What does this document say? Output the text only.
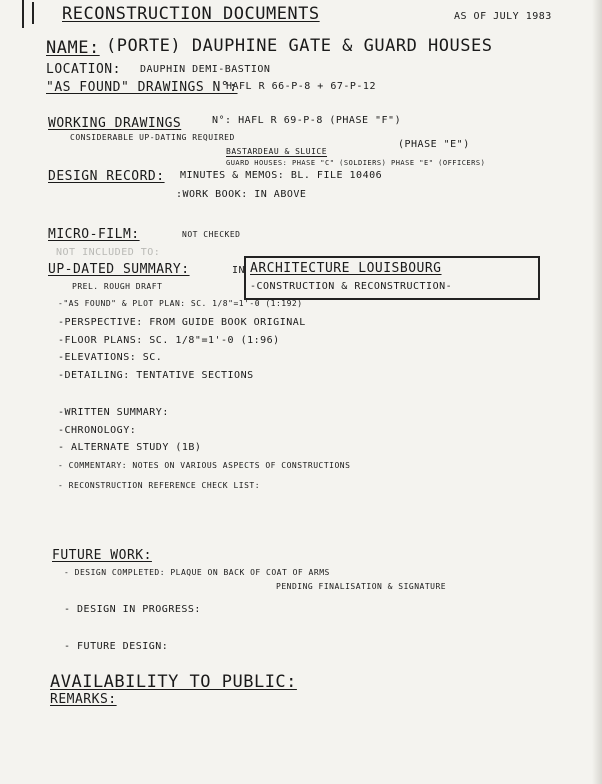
RECONSTRUCTION DOCUMENTS	AS OF JULY 1983
NAME: (PORTE) DAUPHINE GATE & GUARD HOUSES
LOCATION: DAUPHIN DEMI-BASTION
"AS FOUND" DRAWINGS N°:
HAFL R 66-P-8 + 67-P-12
WORKING DRAWINGS	N°: HAFL R 69-P-8 (PHASE "F")
CONSIDERABLE UP-DATING REQUIRED
BASTARDEAU & SLUICE
(PHASE "E")
GUARD HOUSES: PHASE "C" (SOLDIERS) PHASE "E" (OFFICERS)
DESIGN RECORD: MINUTES & MEMOS: BL. FILE 10406
:WORK BOOK: IN ABOVE
MICRO-FILM:	NOT CHECKED
NOT INCLUDED TO:
UP-DATED SUMMARY:	IN ARCHITECTURE LOUISBOURG
-CONSTRUCTION & RECONSTRUCTION-
PREL. ROUGH DRAFT
-"AS FOUND" & PLOT PLAN: SC. 1/8"=1'-0 (1:192)
-PERSPECTIVE: FROM GUIDE BOOK ORIGINAL
-FLOOR PLANS: SC. 1/8"=1'-0 (1:96)
-ELEVATIONS: SC.
-DETAILING: TENTATIVE SECTIONS
-WRITTEN SUMMARY:
-CHRONOLOGY:
- ALTERNATE STUDY (1B)
- COMMENTARY: NOTES ON VARIOUS ASPECTS OF CONSTRUCTIONS
- RECONSTRUCTION REFERENCE CHECK LIST:
FUTURE WORK:
- DESIGN COMPLETED: PLAQUE ON BACK OF COAT OF ARMS
PENDING FINALISATION & SIGNATURE
- DESIGN IN PROGRESS:
- FUTURE DESIGN:
AVAILABILITY TO PUBLIC:
REMARKS:
